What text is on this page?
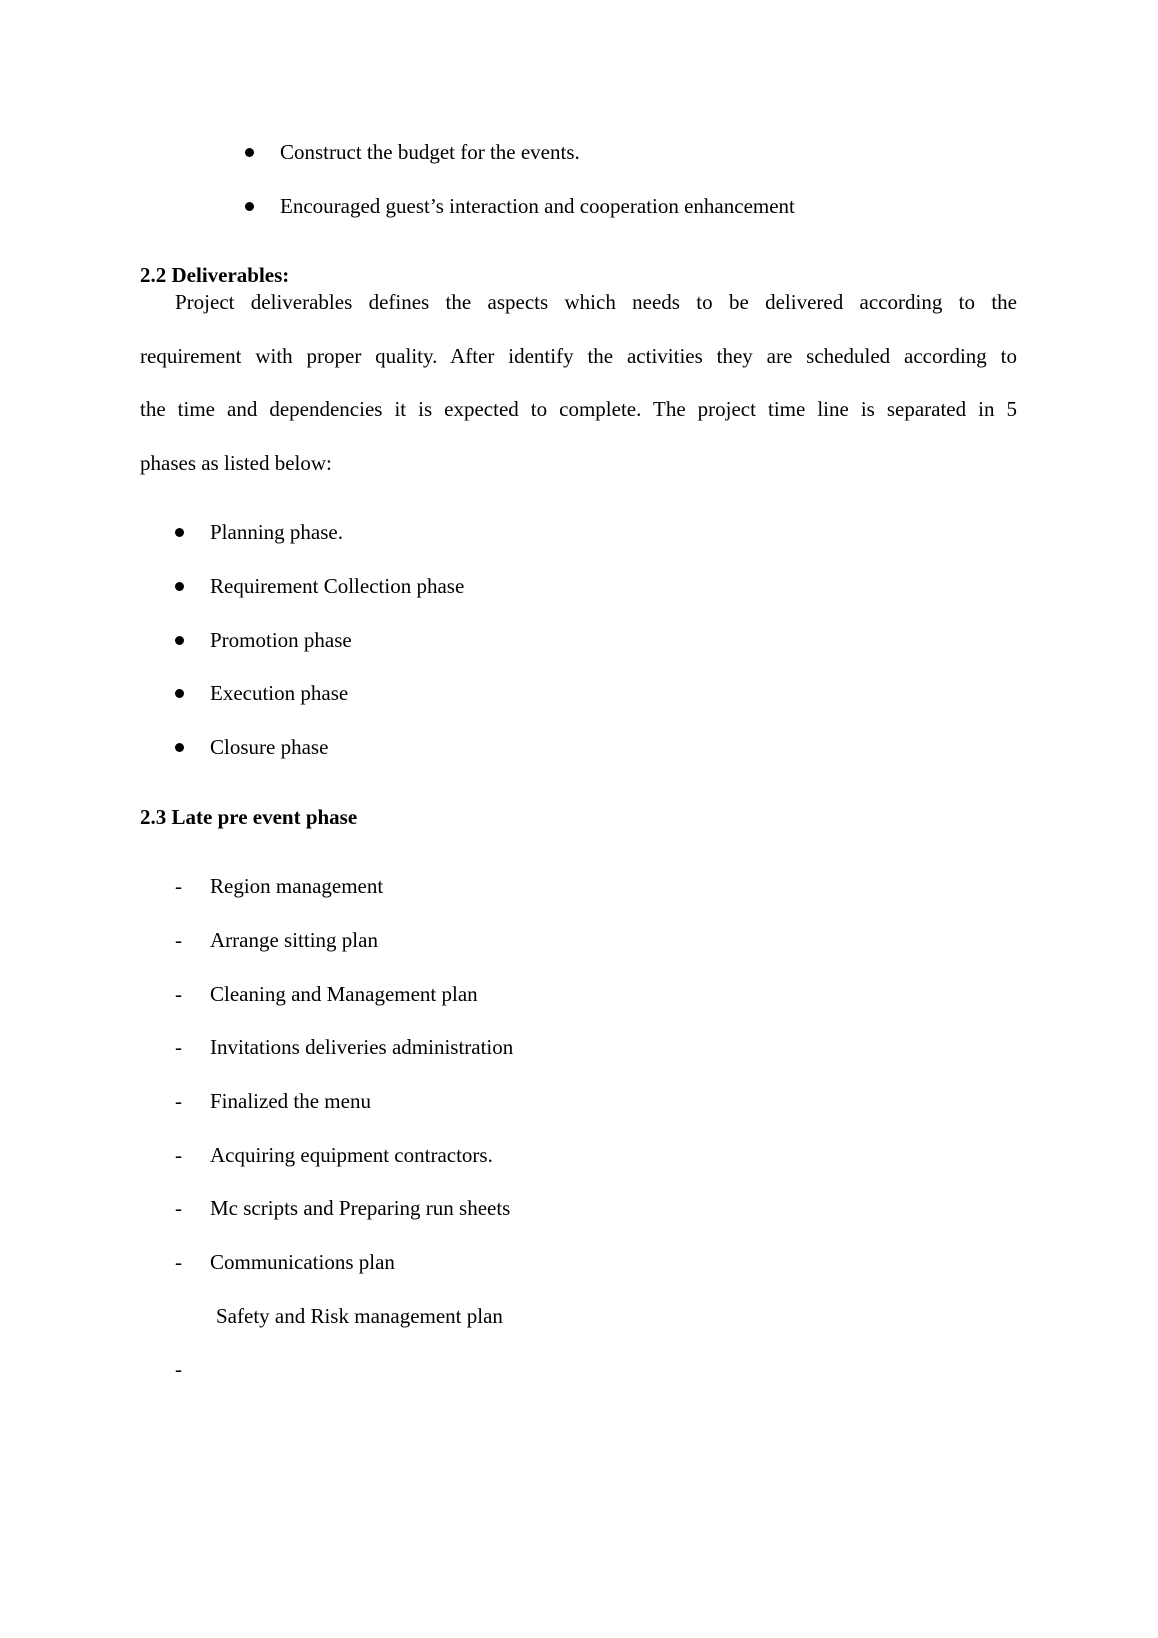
Construct the budget for the events.
Encouraged guest’s interaction and cooperation enhancement
2.2 Deliverables:
Project deliverables defines the aspects which needs to be delivered according to the
requirement with proper quality. After identify the activities they are scheduled according to
the time and dependencies it is expected to complete. The project time line is separated in 5
phases as listed below:
Planning phase.
Requirement Collection phase
Promotion phase
Execution phase
Closure phase
2.3 Late pre event phase
- Region management
- Arrange sitting plan
- Cleaning and Management plan
- Invitations deliveries administration
- Finalized the menu
- Acquiring equipment contractors.
- Mc scripts and Preparing run sheets
- Communications plan
Safety and Risk management plan
-
